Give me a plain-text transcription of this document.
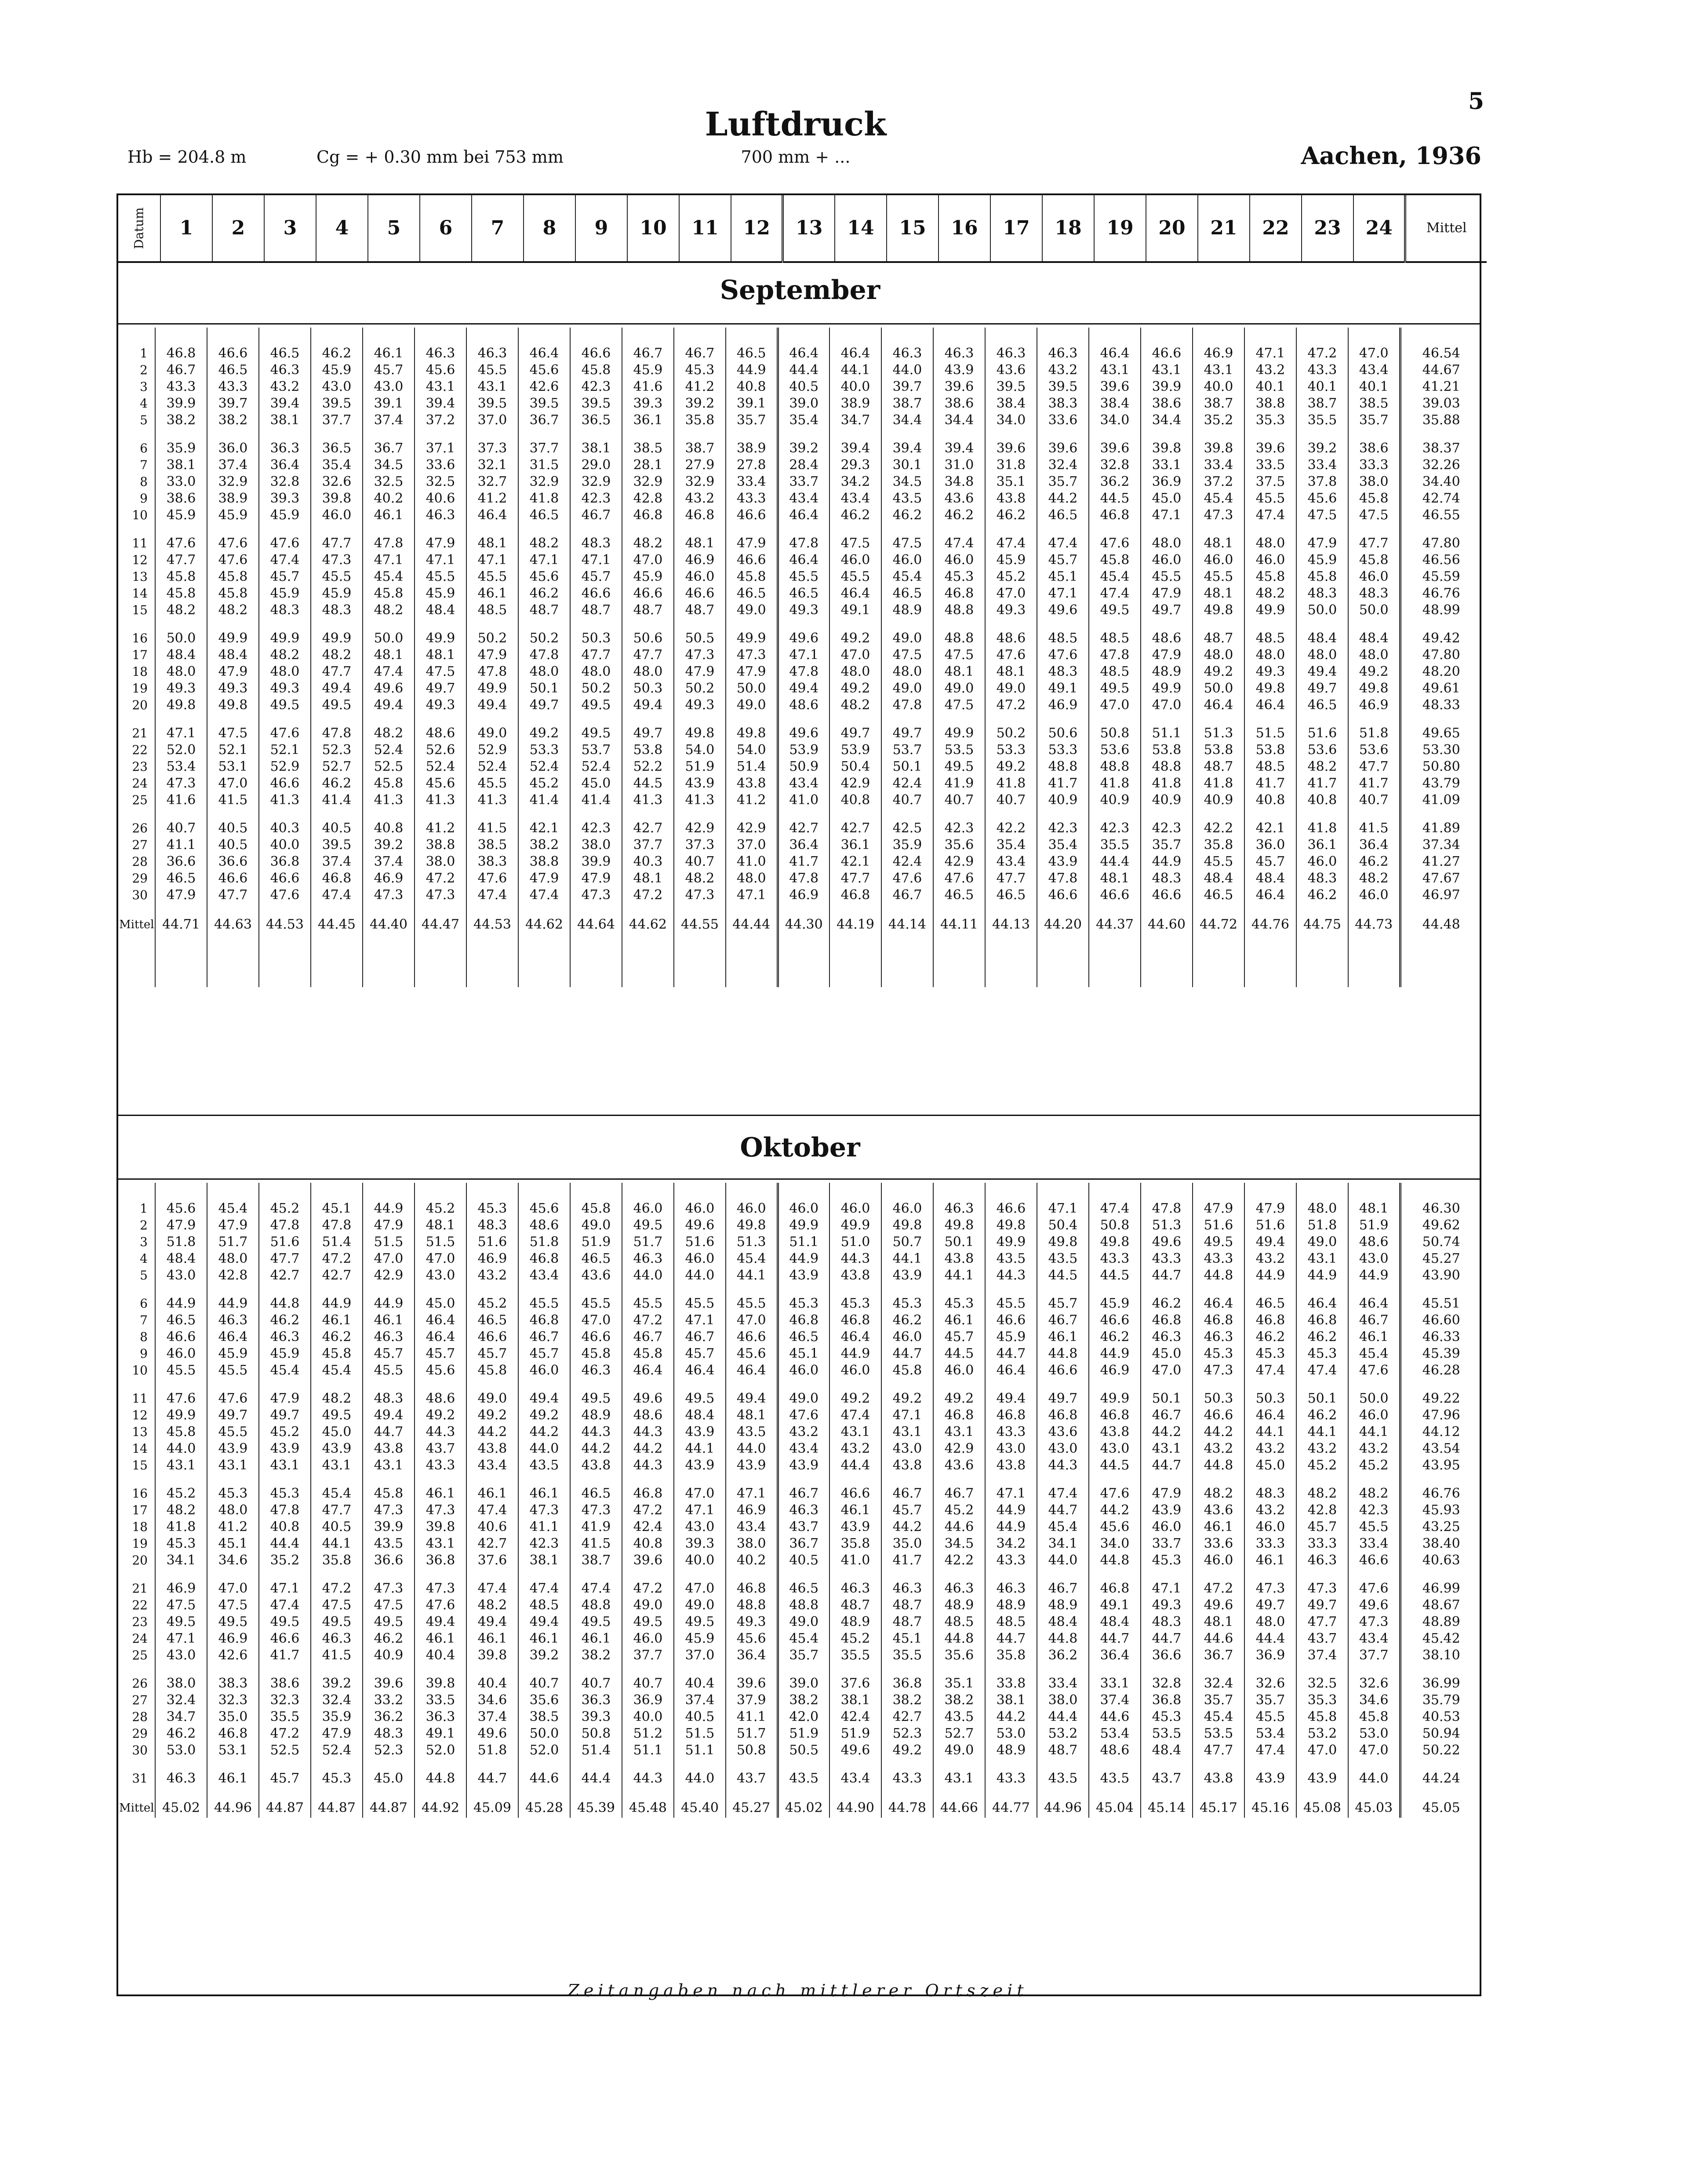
5
Luftdruck
700 mm + ...
Hb = 204.8 m	Cg = + 0.30 mm bei 753 mm	Aachen, 1936
Datum	1	2	3	4	5	6	7	8	9	10	11	12	13	14	15	16	17	18	19	20	21	22	23	24	Mittel
September
1	46.8	46.6	46.5	46.2	46.1	46.3	46.3	46.4	46.6	46.7	46.7	46.5	46.4	46.4	46.3	46.3	46.3	46.3	46.4	46.6	46.9	47.1	47.2	47.0	46.54
2	46.7	46.5	46.3	45.9	45.7	45.6	45.5	45.6	45.8	45.9	45.3	44.9	44.4	44.1	44.0	43.9	43.6	43.2	43.1	43.1	43.1	43.2	43.3	43.4	44.67
3	43.3	43.3	43.2	43.0	43.0	43.1	43.1	42.6	42.3	41.6	41.2	40.8	40.5	40.0	39.7	39.6	39.5	39.5	39.6	39.9	40.0	40.1	40.1	40.1	41.21
4	39.9	39.7	39.4	39.5	39.1	39.4	39.5	39.5	39.5	39.3	39.2	39.1	39.0	38.9	38.7	38.6	38.4	38.3	38.4	38.6	38.7	38.8	38.7	38.5	39.03
5	38.2	38.2	38.1	37.7	37.4	37.2	37.0	36.7	36.5	36.1	35.8	35.7	35.4	34.7	34.4	34.4	34.0	33.6	34.0	34.4	35.2	35.3	35.5	35.7	35.88
6	35.9	36.0	36.3	36.5	36.7	37.1	37.3	37.7	38.1	38.5	38.7	38.9	39.2	39.4	39.4	39.4	39.6	39.6	39.6	39.8	39.8	39.6	39.2	38.6	38.37
7	38.1	37.4	36.4	35.4	34.5	33.6	32.1	31.5	29.0	28.1	27.9	27.8	28.4	29.3	30.1	31.0	31.8	32.4	32.8	33.1	33.4	33.5	33.4	33.3	32.26
8	33.0	32.9	32.8	32.6	32.5	32.5	32.7	32.9	32.9	32.9	32.9	33.4	33.7	34.2	34.5	34.8	35.1	35.7	36.2	36.9	37.2	37.5	37.8	38.0	34.40
9	38.6	38.9	39.3	39.8	40.2	40.6	41.2	41.8	42.3	42.8	43.2	43.3	43.4	43.4	43.5	43.6	43.8	44.2	44.5	45.0	45.4	45.5	45.6	45.8	42.74
10	45.9	45.9	45.9	46.0	46.1	46.3	46.4	46.5	46.7	46.8	46.8	46.6	46.4	46.2	46.2	46.2	46.2	46.5	46.8	47.1	47.3	47.4	47.5	47.5	46.55
11	47.6	47.6	47.6	47.7	47.8	47.9	48.1	48.2	48.3	48.2	48.1	47.9	47.8	47.5	47.5	47.4	47.4	47.4	47.6	48.0	48.1	48.0	47.9	47.7	47.80
12	47.7	47.6	47.4	47.3	47.1	47.1	47.1	47.1	47.1	47.0	46.9	46.6	46.4	46.0	46.0	46.0	45.9	45.7	45.8	46.0	46.0	46.0	45.9	45.8	46.56
13	45.8	45.8	45.7	45.5	45.4	45.5	45.5	45.6	45.7	45.9	46.0	45.8	45.5	45.5	45.4	45.3	45.2	45.1	45.4	45.5	45.5	45.8	45.8	46.0	45.59
14	45.8	45.8	45.9	45.9	45.8	45.9	46.1	46.2	46.6	46.6	46.6	46.5	46.5	46.4	46.5	46.8	47.0	47.1	47.4	47.9	48.1	48.2	48.3	48.3	46.76
15	48.2	48.2	48.3	48.3	48.2	48.4	48.5	48.7	48.7	48.7	48.7	49.0	49.3	49.1	48.9	48.8	49.3	49.6	49.5	49.7	49.8	49.9	50.0	50.0	48.99
16	50.0	49.9	49.9	49.9	50.0	49.9	50.2	50.2	50.3	50.6	50.5	49.9	49.6	49.2	49.0	48.8	48.6	48.5	48.5	48.6	48.7	48.5	48.4	48.4	49.42
17	48.4	48.4	48.2	48.2	48.1	48.1	47.9	47.8	47.7	47.7	47.3	47.3	47.1	47.0	47.5	47.5	47.6	47.6	47.8	47.9	48.0	48.0	48.0	48.0	47.80
18	48.0	47.9	48.0	47.7	47.4	47.5	47.8	48.0	48.0	48.0	47.9	47.9	47.8	48.0	48.0	48.1	48.1	48.3	48.5	48.9	49.2	49.3	49.4	49.2	48.20
19	49.3	49.3	49.3	49.4	49.6	49.7	49.9	50.1	50.2	50.3	50.2	50.0	49.4	49.2	49.0	49.0	49.0	49.1	49.5	49.9	50.0	49.8	49.7	49.8	49.61
20	49.8	49.8	49.5	49.5	49.4	49.3	49.4	49.7	49.5	49.4	49.3	49.0	48.6	48.2	47.8	47.5	47.2	46.9	47.0	47.0	46.4	46.4	46.5	46.9	48.33
21	47.1	47.5	47.6	47.8	48.2	48.6	49.0	49.2	49.5	49.7	49.8	49.8	49.6	49.7	49.7	49.9	50.2	50.6	50.8	51.1	51.3	51.5	51.6	51.8	49.65
22	52.0	52.1	52.1	52.3	52.4	52.6	52.9	53.3	53.7	53.8	54.0	54.0	53.9	53.9	53.7	53.5	53.3	53.3	53.6	53.8	53.8	53.8	53.6	53.6	53.30
23	53.4	53.1	52.9	52.7	52.5	52.4	52.4	52.4	52.4	52.2	51.9	51.4	50.9	50.4	50.1	49.5	49.2	48.8	48.8	48.8	48.7	48.5	48.2	47.7	50.80
24	47.3	47.0	46.6	46.2	45.8	45.6	45.5	45.2	45.0	44.5	43.9	43.8	43.4	42.9	42.4	41.9	41.8	41.7	41.8	41.8	41.8	41.7	41.7	41.7	43.79
25	41.6	41.5	41.3	41.4	41.3	41.3	41.3	41.4	41.4	41.3	41.3	41.2	41.0	40.8	40.7	40.7	40.7	40.9	40.9	40.9	40.9	40.8	40.8	40.7	41.09
26	40.7	40.5	40.3	40.5	40.8	41.2	41.5	42.1	42.3	42.7	42.9	42.9	42.7	42.7	42.5	42.3	42.2	42.3	42.3	42.3	42.2	42.1	41.8	41.5	41.89
27	41.1	40.5	40.0	39.5	39.2	38.8	38.5	38.2	38.0	37.7	37.3	37.0	36.4	36.1	35.9	35.6	35.4	35.4	35.5	35.7	35.8	36.0	36.1	36.4	37.34
28	36.6	36.6	36.8	37.4	37.4	38.0	38.3	38.8	39.9	40.3	40.7	41.0	41.7	42.1	42.4	42.9	43.4	43.9	44.4	44.9	45.5	45.7	46.0	46.2	41.27
29	46.5	46.6	46.6	46.8	46.9	47.2	47.6	47.9	47.9	48.1	48.2	48.0	47.8	47.7	47.6	47.6	47.7	47.8	48.1	48.3	48.4	48.4	48.3	48.2	47.67
30	47.9	47.7	47.6	47.4	47.3	47.3	47.4	47.4	47.3	47.2	47.3	47.1	46.9	46.8	46.7	46.5	46.5	46.6	46.6	46.6	46.5	46.4	46.2	46.0	46.97
Mittel	44.71	44.63	44.53	44.45	44.40	44.47	44.53	44.62	44.64	44.62	44.55	44.44	44.30	44.19	44.14	44.11	44.13	44.20	44.37	44.60	44.72	44.76	44.75	44.73	44.48

Oktober
1	45.6	45.4	45.2	45.1	44.9	45.2	45.3	45.6	45.8	46.0	46.0	46.0	46.0	46.0	46.0	46.3	46.6	47.1	47.4	47.8	47.9	47.9	48.0	48.1	46.30
2	47.9	47.9	47.8	47.8	47.9	48.1	48.3	48.6	49.0	49.5	49.6	49.8	49.9	49.9	49.8	49.8	49.8	50.4	50.8	51.3	51.6	51.6	51.8	51.9	49.62
3	51.8	51.7	51.6	51.4	51.5	51.5	51.6	51.8	51.9	51.7	51.6	51.3	51.1	51.0	50.7	50.1	49.9	49.8	49.8	49.6	49.5	49.4	49.0	48.6	50.74
4	48.4	48.0	47.7	47.2	47.0	47.0	46.9	46.8	46.5	46.3	46.0	45.4	44.9	44.3	44.1	43.8	43.5	43.5	43.3	43.3	43.3	43.2	43.1	43.0	45.27
5	43.0	42.8	42.7	42.7	42.9	43.0	43.2	43.4	43.6	44.0	44.0	44.1	43.9	43.8	43.9	44.1	44.3	44.5	44.5	44.7	44.8	44.9	44.9	44.9	43.90
6	44.9	44.9	44.8	44.9	44.9	45.0	45.2	45.5	45.5	45.5	45.5	45.5	45.3	45.3	45.3	45.3	45.5	45.7	45.9	46.2	46.4	46.5	46.4	46.4	45.51
7	46.5	46.3	46.2	46.1	46.1	46.4	46.5	46.8	47.0	47.2	47.1	47.0	46.8	46.8	46.2	46.1	46.6	46.7	46.6	46.8	46.8	46.8	46.8	46.7	46.60
8	46.6	46.4	46.3	46.2	46.3	46.4	46.6	46.7	46.6	46.7	46.7	46.6	46.5	46.4	46.0	45.7	45.9	46.1	46.2	46.3	46.3	46.2	46.2	46.1	46.33
9	46.0	45.9	45.9	45.8	45.7	45.7	45.7	45.7	45.8	45.8	45.7	45.6	45.1	44.9	44.7	44.5	44.7	44.8	44.9	45.0	45.3	45.3	45.3	45.4	45.39
10	45.5	45.5	45.4	45.4	45.5	45.6	45.8	46.0	46.3	46.4	46.4	46.4	46.0	46.0	45.8	46.0	46.4	46.6	46.9	47.0	47.3	47.4	47.4	47.6	46.28
11	47.6	47.6	47.9	48.2	48.3	48.6	49.0	49.4	49.5	49.6	49.5	49.4	49.0	49.2	49.2	49.2	49.4	49.7	49.9	50.1	50.3	50.3	50.1	50.0	49.22
12	49.9	49.7	49.7	49.5	49.4	49.2	49.2	49.2	48.9	48.6	48.4	48.1	47.6	47.4	47.1	46.8	46.8	46.8	46.8	46.7	46.6	46.4	46.2	46.0	47.96
13	45.8	45.5	45.2	45.0	44.7	44.3	44.2	44.2	44.3	44.3	43.9	43.5	43.2	43.1	43.1	43.1	43.3	43.6	43.8	44.2	44.2	44.1	44.1	44.1	44.12
14	44.0	43.9	43.9	43.9	43.8	43.7	43.8	44.0	44.2	44.2	44.1	44.0	43.4	43.2	43.0	42.9	43.0	43.0	43.0	43.1	43.2	43.2	43.2	43.2	43.54
15	43.1	43.1	43.1	43.1	43.1	43.3	43.4	43.5	43.8	44.3	43.9	43.9	43.9	44.4	43.8	43.6	43.8	44.3	44.5	44.7	44.8	45.0	45.2	45.2	43.95
16	45.2	45.3	45.3	45.4	45.8	46.1	46.1	46.1	46.5	46.8	47.0	47.1	46.7	46.6	46.7	46.7	47.1	47.4	47.6	47.9	48.2	48.3	48.2	48.2	46.76
17	48.2	48.0	47.8	47.7	47.3	47.3	47.4	47.3	47.3	47.2	47.1	46.9	46.3	46.1	45.7	45.2	44.9	44.7	44.2	43.9	43.6	43.2	42.8	42.3	45.93
18	41.8	41.2	40.8	40.5	39.9	39.8	40.6	41.1	41.9	42.4	43.0	43.4	43.7	43.9	44.2	44.6	44.9	45.4	45.6	46.0	46.1	46.0	45.7	45.5	43.25
19	45.3	45.1	44.4	44.1	43.5	43.1	42.7	42.3	41.5	40.8	39.3	38.0	36.7	35.8	35.0	34.5	34.2	34.1	34.0	33.7	33.6	33.3	33.3	33.4	38.40
20	34.1	34.6	35.2	35.8	36.6	36.8	37.6	38.1	38.7	39.6	40.0	40.2	40.5	41.0	41.7	42.2	43.3	44.0	44.8	45.3	46.0	46.1	46.3	46.6	40.63
21	46.9	47.0	47.1	47.2	47.3	47.3	47.4	47.4	47.4	47.2	47.0	46.8	46.5	46.3	46.3	46.3	46.3	46.7	46.8	47.1	47.2	47.3	47.3	47.6	46.99
22	47.5	47.5	47.4	47.5	47.5	47.6	48.2	48.5	48.8	49.0	49.0	48.8	48.8	48.7	48.7	48.9	48.9	48.9	49.1	49.3	49.6	49.7	49.7	49.6	48.67
23	49.5	49.5	49.5	49.5	49.5	49.4	49.4	49.4	49.5	49.5	49.5	49.3	49.0	48.9	48.7	48.5	48.5	48.4	48.4	48.3	48.1	48.0	47.7	47.3	48.89
24	47.1	46.9	46.6	46.3	46.2	46.1	46.1	46.1	46.1	46.0	45.9	45.6	45.4	45.2	45.1	44.8	44.7	44.8	44.7	44.7	44.6	44.4	43.7	43.4	45.42
25	43.0	42.6	41.7	41.5	40.9	40.4	39.8	39.2	38.2	37.7	37.0	36.4	35.7	35.5	35.5	35.6	35.8	36.2	36.4	36.6	36.7	36.9	37.4	37.7	38.10
26	38.0	38.3	38.6	39.2	39.6	39.8	40.4	40.7	40.7	40.7	40.4	39.6	39.0	37.6	36.8	35.1	33.8	33.4	33.1	32.8	32.4	32.6	32.5	32.6	36.99
27	32.4	32.3	32.3	32.4	33.2	33.5	34.6	35.6	36.3	36.9	37.4	37.9	38.2	38.1	38.2	38.2	38.1	38.0	37.4	36.8	35.7	35.7	35.3	34.6	35.79
28	34.7	35.0	35.5	35.9	36.2	36.3	37.4	38.5	39.3	40.0	40.5	41.1	42.0	42.4	42.7	43.5	44.2	44.4	44.6	45.3	45.4	45.5	45.8	45.8	40.53
29	46.2	46.8	47.2	47.9	48.3	49.1	49.6	50.0	50.8	51.2	51.5	51.7	51.9	51.9	52.3	52.7	53.0	53.2	53.4	53.5	53.5	53.4	53.2	53.0	50.94
30	53.0	53.1	52.5	52.4	52.3	52.0	51.8	52.0	51.4	51.1	51.1	50.8	50.5	49.6	49.2	49.0	48.9	48.7	48.6	48.4	47.7	47.4	47.0	47.0	50.22
31	46.3	46.1	45.7	45.3	45.0	44.8	44.7	44.6	44.4	44.3	44.0	43.7	43.5	43.4	43.3	43.1	43.3	43.5	43.5	43.7	43.8	43.9	43.9	44.0	44.24
Mittel	45.02	44.96	44.87	44.87	44.87	44.92	45.09	45.28	45.39	45.48	45.40	45.27	45.02	44.90	44.78	44.66	44.77	44.96	45.04	45.14	45.17	45.16	45.08	45.03	45.05
Zeitangaben nach mittlerer Ortszeit
